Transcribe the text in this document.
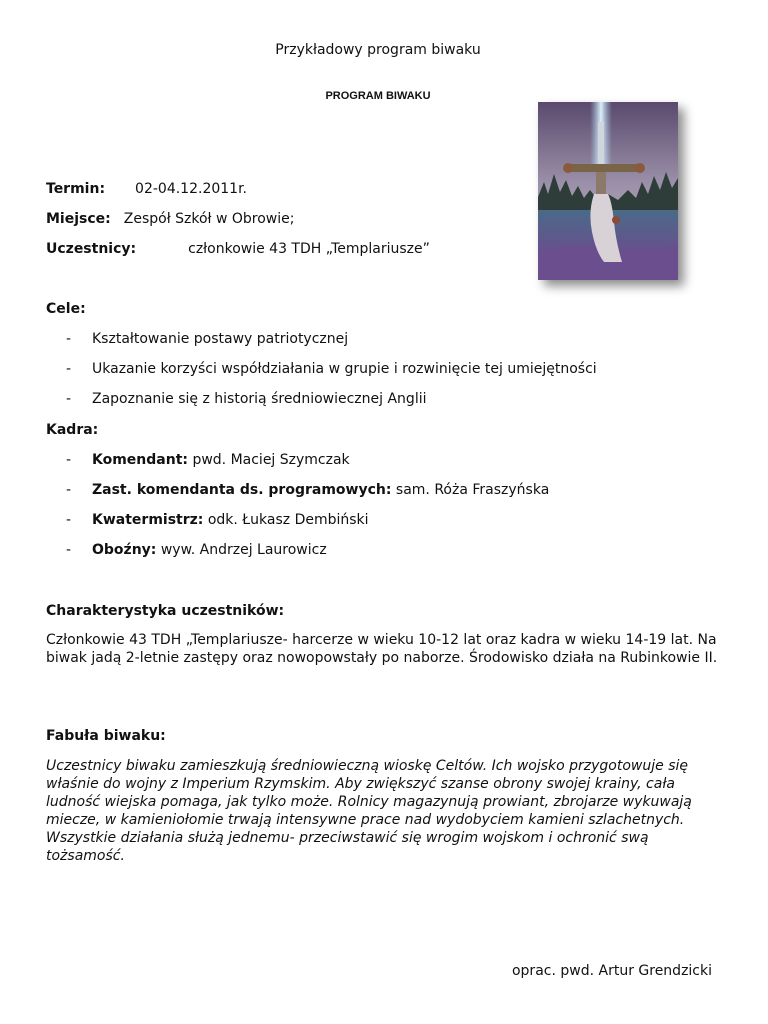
Przykładowy program biwaku
PROGRAM BIWAKU
Termin: 02-04.12.2011r.
Miejsce: Zespół Szkół w Obrowie;
Uczestnicy:	członkowie 43 TDH „Templariusze”
Cele:
- Kształtowanie postawy patriotycznej
- Ukazanie korzyści współdziałania w grupie i rozwinięcie tej umiejętności
- Zapoznanie się z historią średniowiecznej Anglii
Kadra:
- Komendant: pwd. Maciej Szymczak
- Zast. komendanta ds. programowych: sam. Róża Fraszyńska
- Kwatermistrz: odk. Łukasz Dembiński
- Oboźny: wyw. Andrzej Laurowicz
Charakterystyka uczestników:
Członkowie 43 TDH „Templariusze- harcerze w wieku 10-12 lat oraz kadra w wieku 14-19 lat. Na biwak jadą 2-letnie zastępy oraz nowopowstały po naborze. Środowisko działa na Rubinkowie II.
Fabuła biwaku:
Uczestnicy biwaku zamieszkują średniowieczną wioskę Celtów. Ich wojsko przygotowuje się właśnie do wojny z Imperium Rzymskim. Aby zwiększyć szanse obrony swojej krainy, cała ludność wiejska pomaga, jak tylko może. Rolnicy magazynują prowiant, zbrojarze wykuwają miecze, w kamieniołomie trwają intensywne prace nad wydobyciem kamieni szlachetnych. Wszystkie działania służą jednemu- przeciwstawić się wrogim wojskom i ochronić swą tożsamość.
oprac. pwd. Artur Grendzicki
